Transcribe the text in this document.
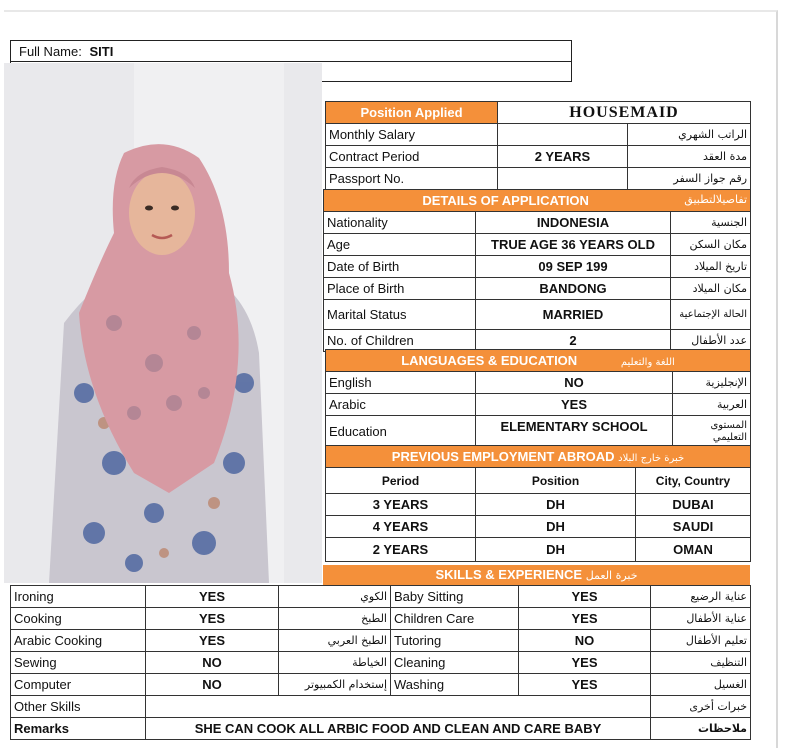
Full Name: SITI
Position Applied	HOUSEMAID	
Monthly Salary		الراتب الشهري
Contract Period	2 YEARS	مدة العقد
Passport No.		رقم جواز السفر
DETAILS OF APPLICATION تفاصيلالتطبيق		

Nationality	INDONESIA	الجنسية
Age	TRUE AGE 36 YEARS OLD	مكان السكن
Date of Birth	09 SEP 199	تاريخ الميلاد
Place of Birth	BANDONG	مكان الميلاد
Marital Status	MARRIED	الحالة الإجتماعية
No. of Children	2	عدد الأطفال
LANGUAGES & EDUCATION اللغة والتعليم		
English	NO	الإنجليزية
Arabic	YES	العربية
Education	ELEMENTARY SCHOOL	المستوى التعليمي
PREVIOUS EMPLOYMENT ABROAD خبرة خارج البلاد		
Period	Position	City, Country
3 YEARS	DH	DUBAI
4 YEARS	DH	SAUDI
2 YEARS	DH	OMAN
SKILLS & EXPERIENCE خبرة العمل
Ironing	YES	الكوي	Baby Sitting	YES	عناية الرضيع
Cooking	YES	الطبخ	Children Care	YES	عناية الأطفال
Arabic Cooking	YES	الطبخ العربي	Tutoring	NO	تعليم الأطفال
Sewing	NO	الخياطة	Cleaning	YES	التنظيف
Computer	NO	إستخدام الكمبيوتر	Washing	YES	الغسيل
Other Skills					خبرات أخرى
Remarks	SHE CAN COOK ALL ARBIC FOOD AND CLEAN AND CARE BABY				ملاحظات
